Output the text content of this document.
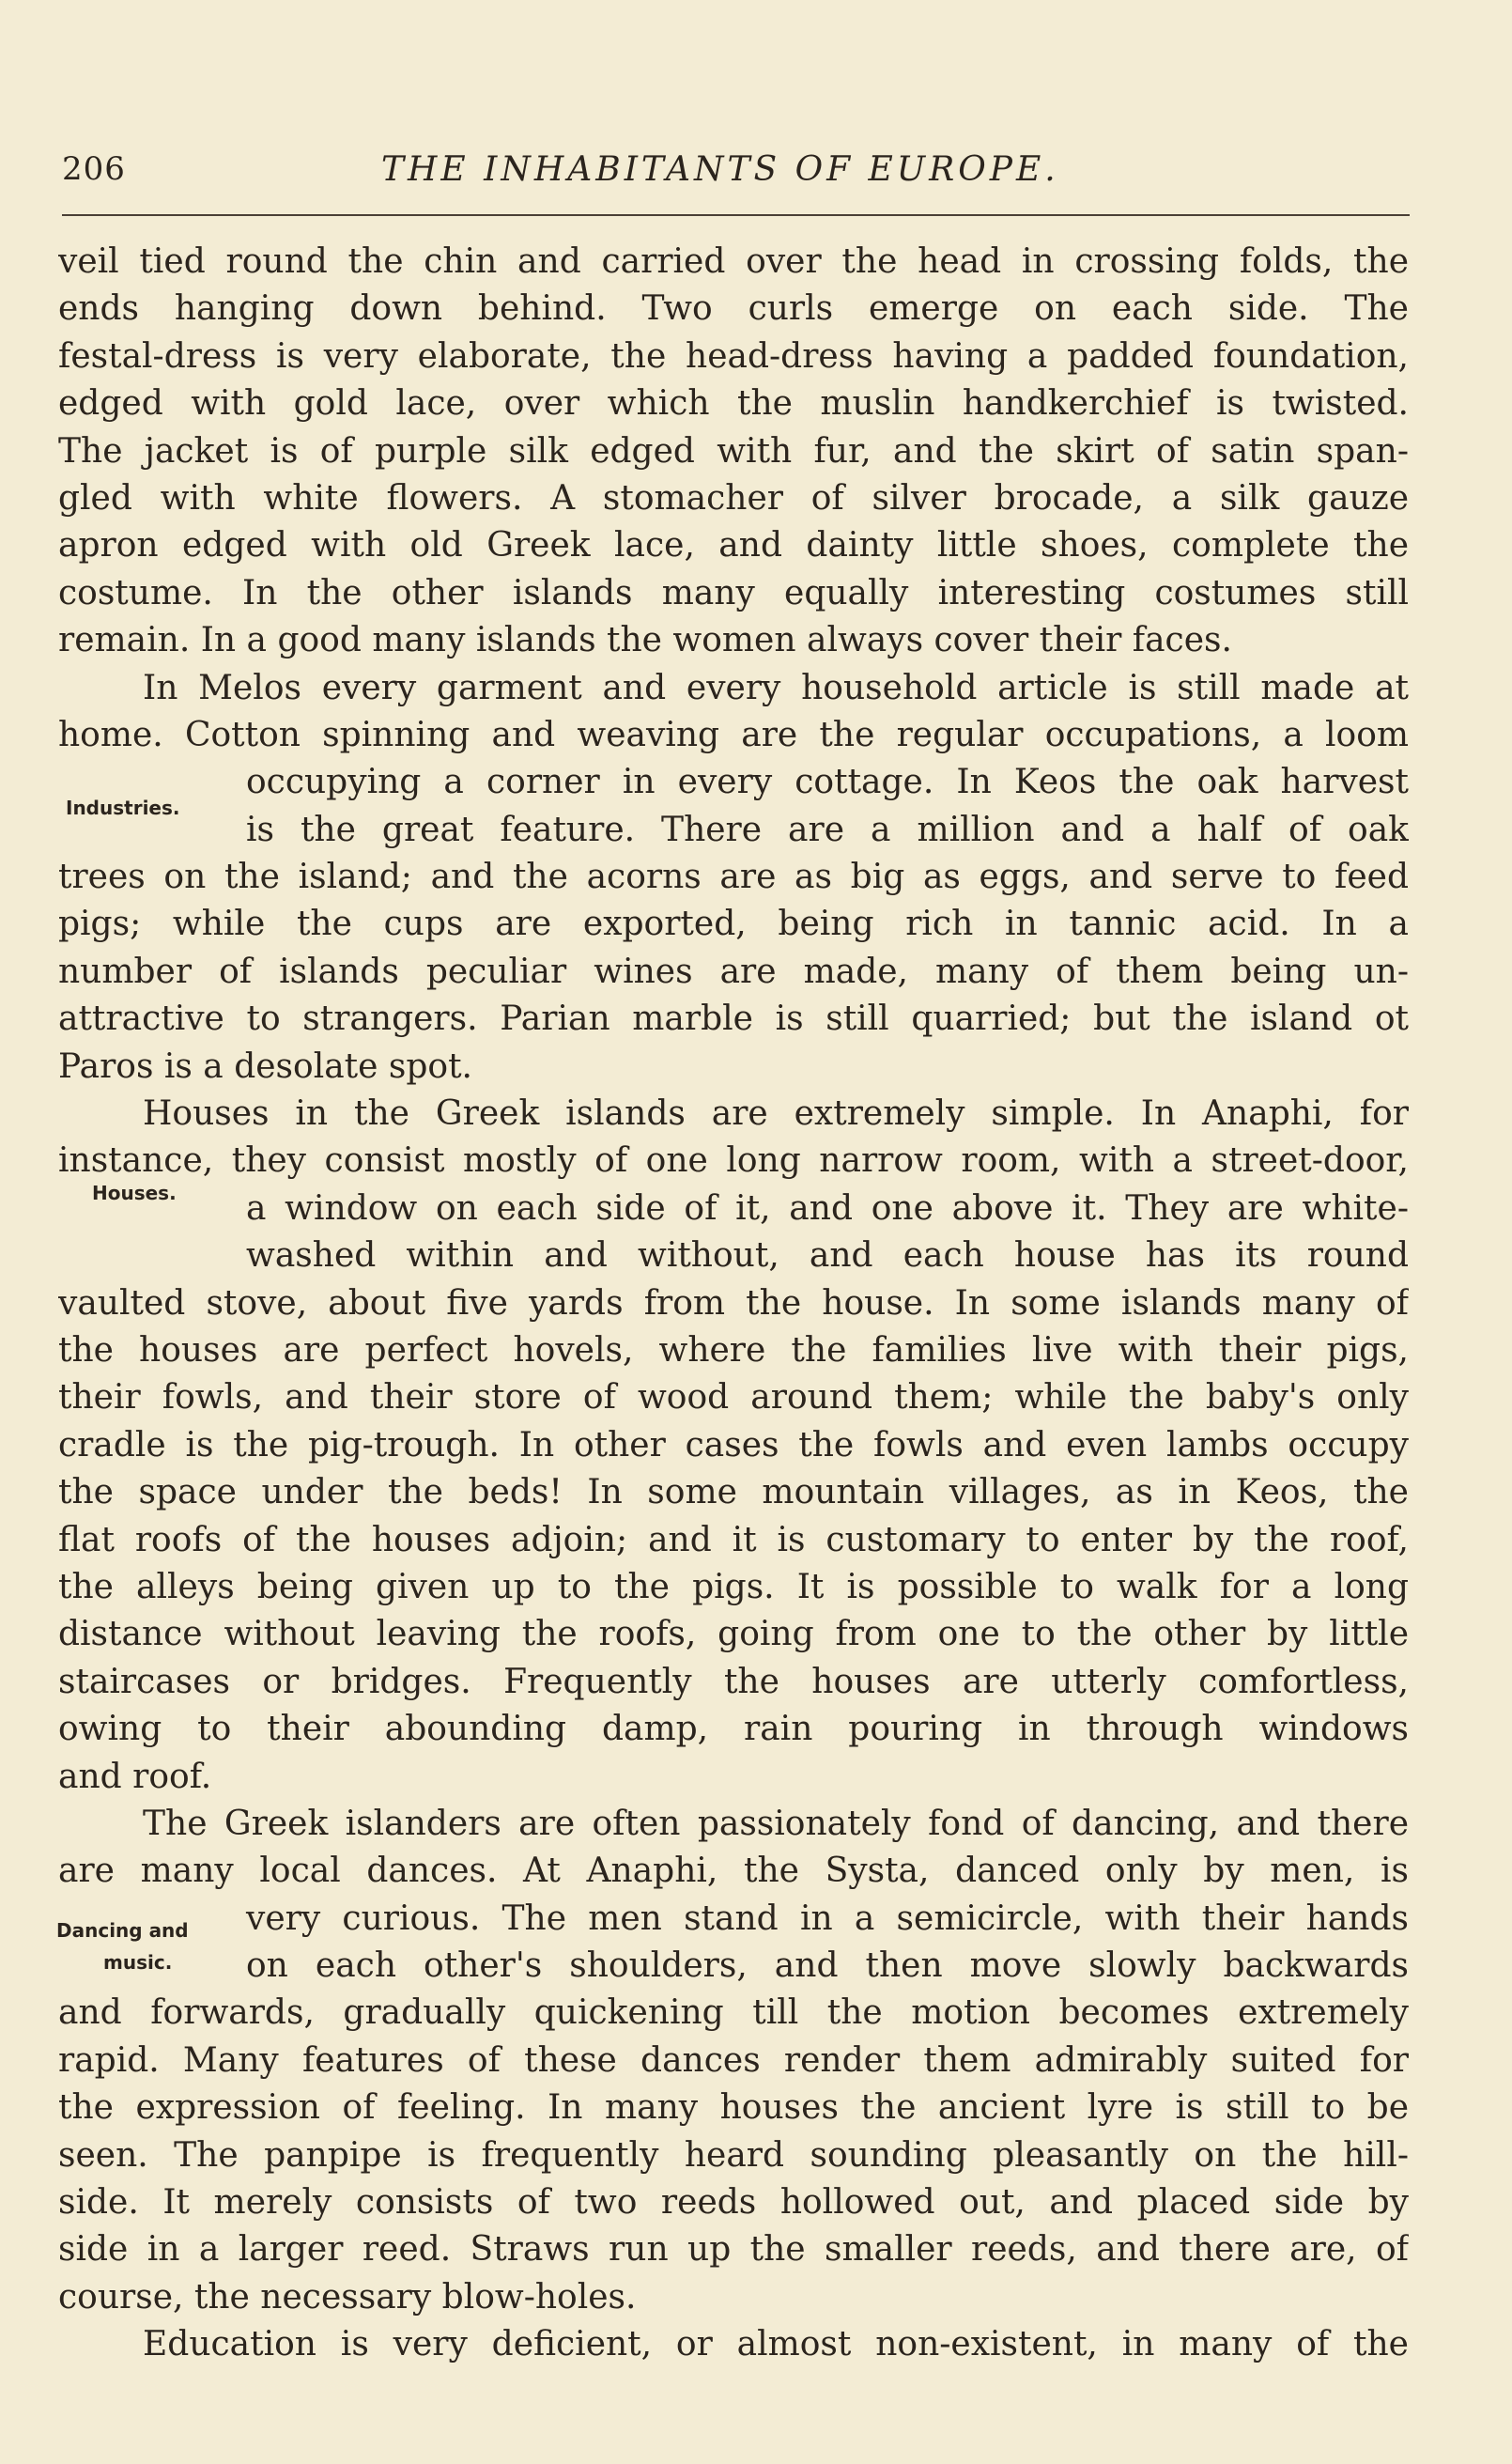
206	THE INHABITANTS OF EUROPE.
Industries.
Houses.
Dancing and
music.
veil tied round the chin and carried over the head in crossing folds, the
ends hanging down behind. Two curls emerge on each side. The
festal-dress is very elaborate, the head-dress having a padded foundation,
edged with gold lace, over which the muslin handkerchief is twisted.
The jacket is of purple silk edged with fur, and the skirt of satin span-
gled with white flowers. A stomacher of silver brocade, a silk gauze
apron edged with old Greek lace, and dainty little shoes, complete the
costume. In the other islands many equally interesting costumes still
remain. In a good many islands the women always cover their faces.
In Melos every garment and every household article is still made at
home. Cotton spinning and weaving are the regular occupations, a loom
occupying a corner in every cottage. In Keos the oak harvest
is the great feature. There are a million and a half of oak
trees on the island; and the acorns are as big as eggs, and serve to feed
pigs; while the cups are exported, being rich in tannic acid. In a
number of islands peculiar wines are made, many of them being un-
attractive to strangers. Parian marble is still quarried; but the island ot
Paros is a desolate spot.
Houses in the Greek islands are extremely simple. In Anaphi, for
instance, they consist mostly of one long narrow room, with a street-door,
a window on each side of it, and one above it. They are white-
washed within and without, and each house has its round
vaulted stove, about five yards from the house. In some islands many of
the houses are perfect hovels, where the families live with their pigs,
their fowls, and their store of wood around them; while the baby's only
cradle is the pig-trough. In other cases the fowls and even lambs occupy
the space under the beds! In some mountain villages, as in Keos, the
flat roofs of the houses adjoin; and it is customary to enter by the roof,
the alleys being given up to the pigs. It is possible to walk for a long
distance without leaving the roofs, going from one to the other by little
staircases or bridges. Frequently the houses are utterly comfortless,
owing to their abounding damp, rain pouring in through windows
and roof.
The Greek islanders are often passionately fond of dancing, and there
are many local dances. At Anaphi, the Systa, danced only by men, is
very curious. The men stand in a semicircle, with their hands
on each other's shoulders, and then move slowly backwards
and forwards, gradually quickening till the motion becomes extremely
rapid. Many features of these dances render them admirably suited for
the expression of feeling. In many houses the ancient lyre is still to be
seen. The panpipe is frequently heard sounding pleasantly on the hill-
side. It merely consists of two reeds hollowed out, and placed side by
side in a larger reed. Straws run up the smaller reeds, and there are, of
course, the necessary blow-holes.
Education is very deficient, or almost non-existent, in many of the
